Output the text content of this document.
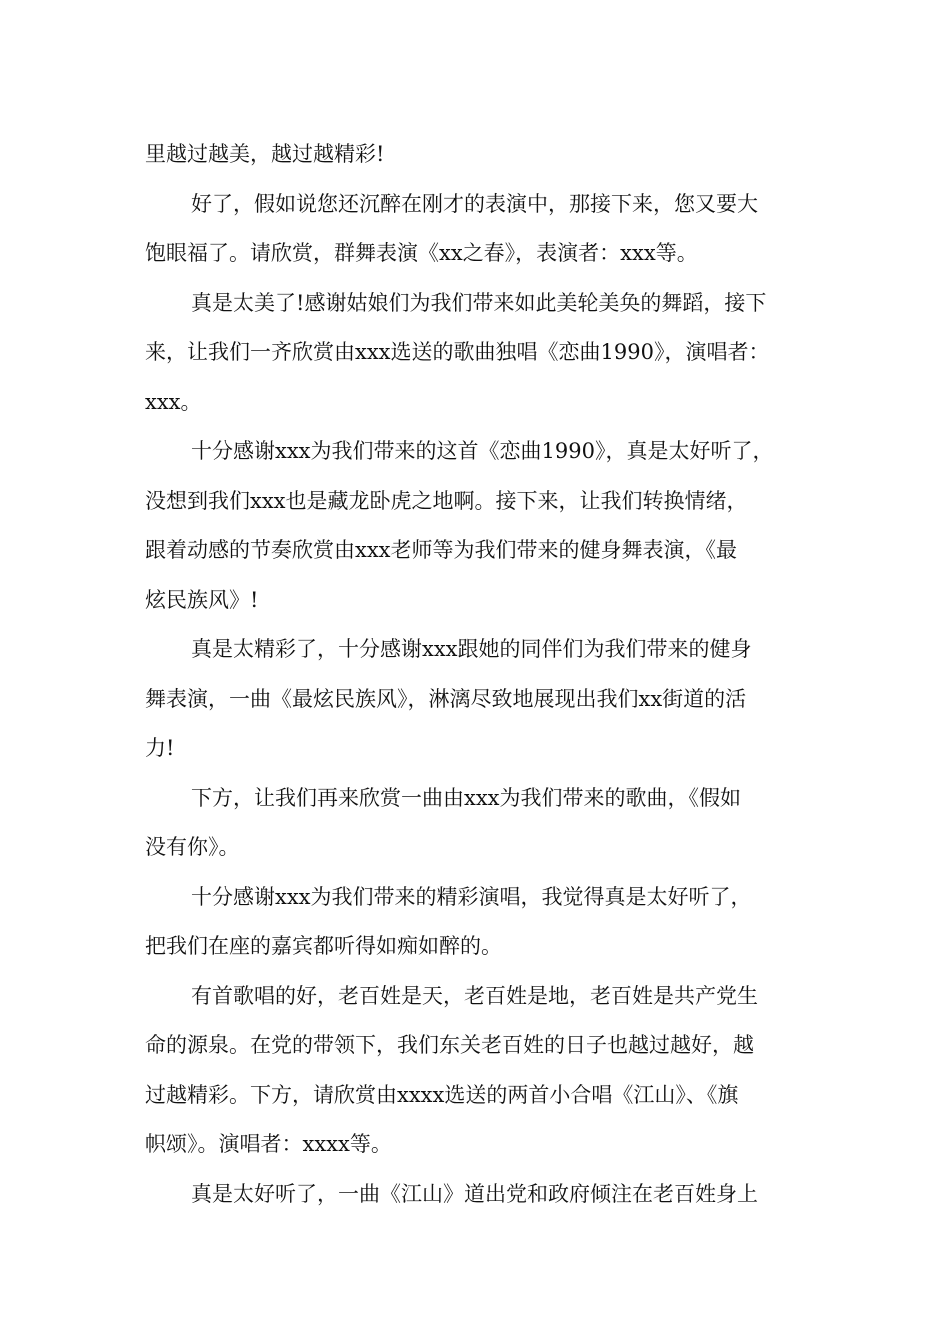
里越过越美，越过越精彩!
好了，假如说您还沉醉在刚才的表演中，那接下来，您又要大
饱眼福了。请欣赏，群舞表演《xx之春》，表演者：xxx等。
真是太美了!感谢姑娘们为我们带来如此美轮美奂的舞蹈，接下
来，让我们一齐欣赏由xxx选送的歌曲独唱《恋曲1990》，演唱者：
xxx。
十分感谢xxx为我们带来的这首《恋曲1990》，真是太好听了，
没想到我们xxx也是藏龙卧虎之地啊。接下来，让我们转换情绪，
跟着动感的节奏欣赏由xxx老师等为我们带来的健身舞表演，《最
炫民族风》!
真是太精彩了，十分感谢xxx跟她的同伴们为我们带来的健身
舞表演，一曲《最炫民族风》，淋漓尽致地展现出我们xx街道的活
力!
下方，让我们再来欣赏一曲由xxx为我们带来的歌曲，《假如
没有你》。
十分感谢xxx为我们带来的精彩演唱，我觉得真是太好听了，
把我们在座的嘉宾都听得如痴如醉的。
有首歌唱的好，老百姓是天，老百姓是地，老百姓是共产党生
命的源泉。在党的带领下，我们东关老百姓的日子也越过越好，越
过越精彩。下方，请欣赏由xxxx选送的两首小合唱《江山》、《旗
帜颂》。演唱者：xxxx等。
真是太好听了，一曲《江山》道出党和政府倾注在老百姓身上
